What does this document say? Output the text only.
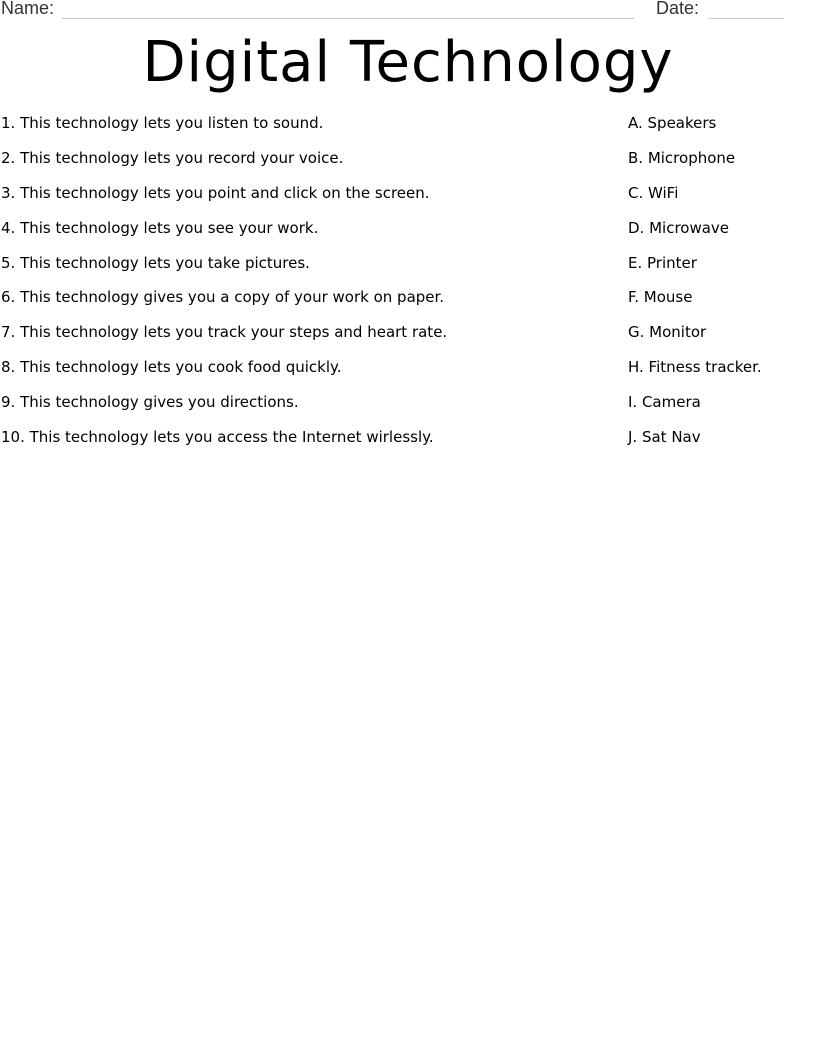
Name:	Date:
Digital Technology
1. This technology lets you listen to sound.
2. This technology lets you record your voice.
3. This technology lets you point and click on the screen.
4. This technology lets you see your work.
5. This technology lets you take pictures.
6. This technology gives you a copy of your work on paper.
7. This technology lets you track your steps and heart rate.
8. This technology lets you cook food quickly.
9. This technology gives you directions.
10. This technology lets you access the Internet wirlessly.
A. Speakers
B. Microphone
C. WiFi
D. Microwave
E. Printer
F. Mouse
G. Monitor
H. Fitness tracker.
I. Camera
J. Sat Nav
